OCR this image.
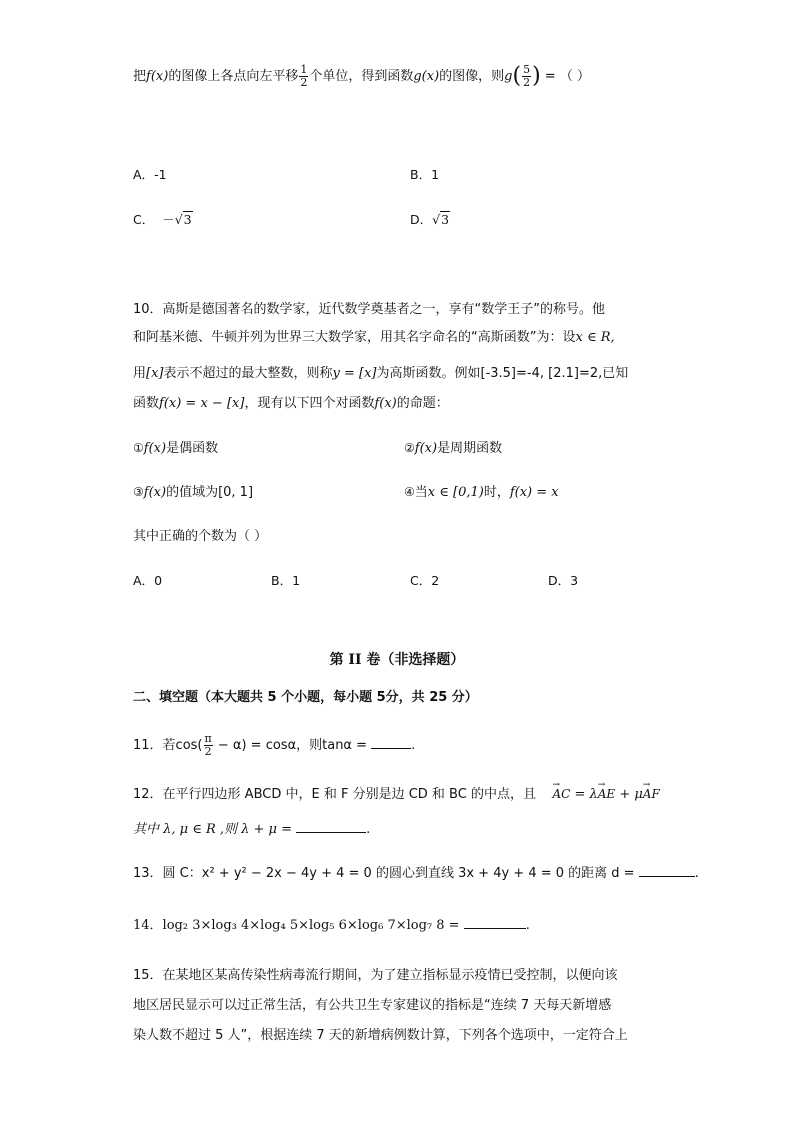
把f(x)的图像上各点向左平移 $\frac{1}{2}$ 个单位，得到函数g(x)的图像，则$g( \frac{5}{2}$ ) = （ ）
A．-1	B．1
C． －√3	D．√3
10．高斯是德国著名的数学家，近代数学奠基者之一，享有“数学王子”的称号。他
和阿基米德、牛顿并列为世界三大数学家，用其名字命名的“高斯函数”为：设x ∈ R,
用[x]表示不超过的最大整数，则称y = [x]为高斯函数。例如[-3.5]=-4, [2.1]=2,已知
函数f(x) = x − [x]，现有以下四个对函数f(x)的命题：
①f(x)是偶函数	②f(x)是周期函数
③f(x)的值域为[0, 1]	④当x ∈ [0,1)时，f(x) = x
其中正确的个数为（ ）
A．0	B．1	C．2	D．3
第 II 卷（非选择题）
二、填空题（本大题共 5 个小题，每小题 5分，共 25 分）
11．若$\cos( \frac{\pi}{2} - \alpha) = \cos\alpha$，则tanα =	.
12．在平行四边形 ABCD 中，E 和 F 分别是边 CD 和 BC 的中点，且    → AC = λ→ AE + μ→ AF
其中 λ, μ ∈ R ,则 λ + μ =	.
13．圆 C：x² + y² − 2x − 4y + 4 = 0 的圆心到直线 3x + 4y + 4 = 0 的距离 d =	.
14．log₂ 3×log₃ 4×log₄ 5×log₅ 6×log₆ 7×log₇ 8 =	.
15．在某地区某高传染性病毒流行期间，为了建立指标显示疫情已受控制，以便向该
地区居民显示可以过正常生活，有公共卫生专家建议的指标是“连续 7 天每天新增感
染人数不超过 5 人”，根据连续 7 天的新增病例数计算，下列各个选项中，一定符合上
